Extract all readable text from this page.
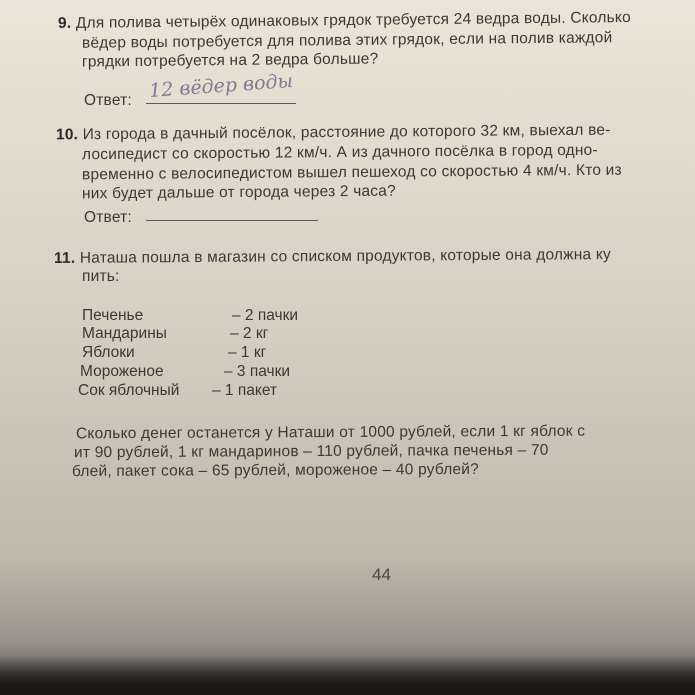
9. Для полива четырёх одинаковых грядок требуется 24 ведра воды. Сколько
вёдер воды потребуется для полива этих грядок, если на полив каждой
грядки потребуется на 2 ведра больше?
Ответ: 12 вёдер воды
10. Из города в дачный посёлок, расстояние до которого 32 км, выехал ве-
лосипедист со скоростью 12 км/ч. А из дачного посёлка в город одно-
временно с велосипедистом вышел пешеход со скоростью 4 км/ч. Кто из
них будет дальше от города через 2 часа?
Ответ:
11. Наташа пошла в магазин со списком продуктов, которые она должна ку
пить:
Печенье	– 2 пачки
Мандарины	– 2 кг
Яблоки	– 1 кг
Мороженое	– 3 пачки
Сок яблочный – 1 пакет
Сколько денег останется у Наташи от 1000 рублей, если 1 кг яблок с
ит 90 рублей, 1 кг мандаринов – 110 рублей, пачка печенья – 70
блей, пакет сока – 65 рублей, мороженое – 40 рублей?
44
